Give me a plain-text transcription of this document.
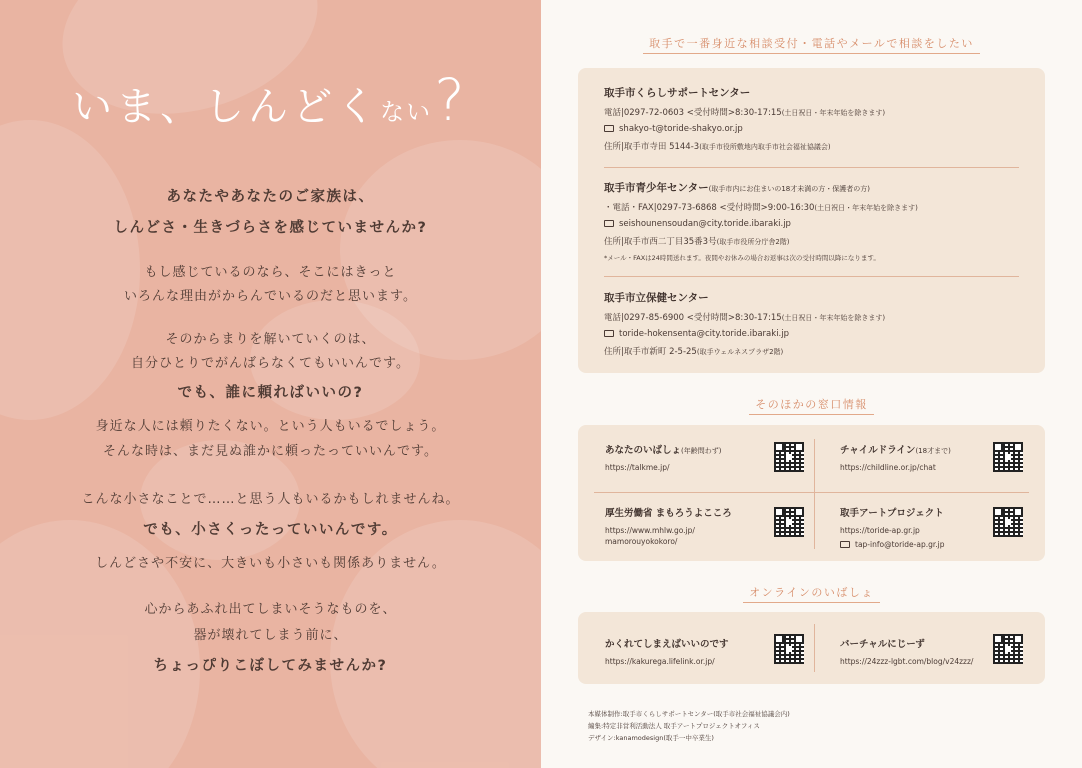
いま、しんどくない?
あなたやあなたのご家族は、
しんどさ・生きづらさを感じていませんか?
もし感じているのなら、そこにはきっと
いろんな理由がからんでいるのだと思います。
そのからまりを解いていくのは、
自分ひとりでがんばらなくてもいいんです。
でも、誰に頼ればいいの?
身近な人には頼りたくない。という人もいるでしょう。
そんな時は、まだ見ぬ誰かに頼ったっていいんです。
こんな小さなことで……と思う人もいるかもしれませんね。
でも、小さくったっていいんです。
しんどさや不安に、大きいも小さいも関係ありません。
心からあふれ出てしまいそうなものを、
器が壊れてしまう前に、
ちょっぴりこぼしてみませんか?
取手で一番身近な相談受付・電話やメールで相談をしたい
取手市くらしサポートセンター
電話|0297-72-0603 <受付時間>8:30-17:15(土日祝日・年末年始を除きます)
shakyo-t@toride-shakyo.or.jp
住所|取手市寺田 5144-3(取手市役所敷地内取手市社会福祉協議会)
取手市青少年センター(取手市内にお住まいの18才未満の方・保護者の方)
・電話・FAX|0297-73-6868 <受付時間>9:00-16:30(土日祝日・年末年始を除きます)
seishounensoudan@city.toride.ibaraki.jp
住所|取手市西二丁目35番3号(取手市役所分庁舎2階)
*メール・FAXは24時間送れます。夜間やお休みの場合お返事は次の受付時間以降になります。
取手市立保健センター
電話|0297-85-6900 <受付時間>8:30-17:15(土日祝日・年末年始を除きます)
toride-hokensenta@city.toride.ibaraki.jp
住所|取手市新町 2-5-25(取手ウェルネスプラザ2階)
そのほかの窓口情報
あなたのいばしょ(年齢問わず)
https://talkme.jp/
チャイルドライン(18才まで)
https://childline.or.jp/chat
厚生労働省 まもろうよこころ
https://www.mhlw.go.jp/
mamorouyokokoro/
取手アートプロジェクト
https://toride-ap.gr.jp
tap-info@toride-ap.gr.jp
オンラインのいばしょ
かくれてしまえばいいのです
https://kakurega.lifelink.or.jp/
バーチャルにじーず
https://24zzz-lgbt.com/blog/v24zzz/
本媒体制作:取手市くらしサポートセンター(取手市社会福祉協議会内)
編集:特定非営利活動法人 取手アートプロジェクトオフィス
デザイン:kanamodesign(取手一中卒業生)
